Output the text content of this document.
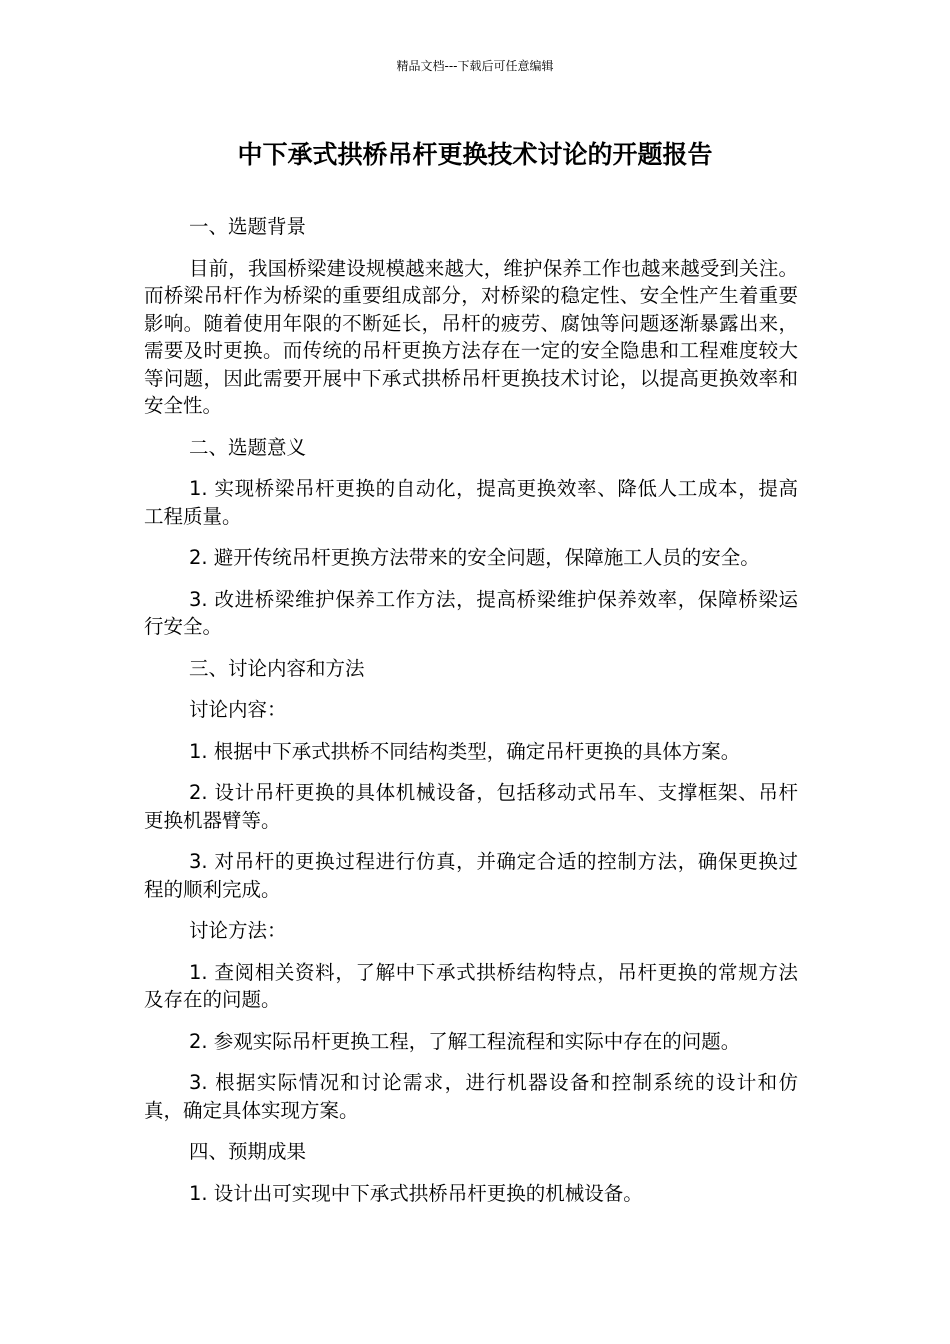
精品文档---下载后可任意编辑
中下承式拱桥吊杆更换技术讨论的开题报告

一、选题背景

目前，我国桥梁建设规模越来越大，维护保养工作也越来越受到关注。而桥梁吊杆作为桥梁的重要组成部分，对桥梁的稳定性、安全性产生着重要影响。随着使用年限的不断延长，吊杆的疲劳、腐蚀等问题逐渐暴露出来，需要及时更换。而传统的吊杆更换方法存在一定的安全隐患和工程难度较大等问题，因此需要开展中下承式拱桥吊杆更换技术讨论，以提高更换效率和安全性。

二、选题意义

1. 实现桥梁吊杆更换的自动化，提高更换效率、降低人工成本，提高工程质量。

2. 避开传统吊杆更换方法带来的安全问题，保障施工人员的安全。

3. 改进桥梁维护保养工作方法，提高桥梁维护保养效率，保障桥梁运行安全。

三、讨论内容和方法

讨论内容：

1. 根据中下承式拱桥不同结构类型，确定吊杆更换的具体方案。

2. 设计吊杆更换的具体机械设备，包括移动式吊车、支撑框架、吊杆更换机器臂等。

3. 对吊杆的更换过程进行仿真，并确定合适的控制方法，确保更换过程的顺利完成。

讨论方法：

1. 查阅相关资料，了解中下承式拱桥结构特点，吊杆更换的常规方法及存在的问题。

2. 参观实际吊杆更换工程，了解工程流程和实际中存在的问题。

3. 根据实际情况和讨论需求，进行机器设备和控制系统的设计和仿真，确定具体实现方案。

四、预期成果

1. 设计出可实现中下承式拱桥吊杆更换的机械设备。
